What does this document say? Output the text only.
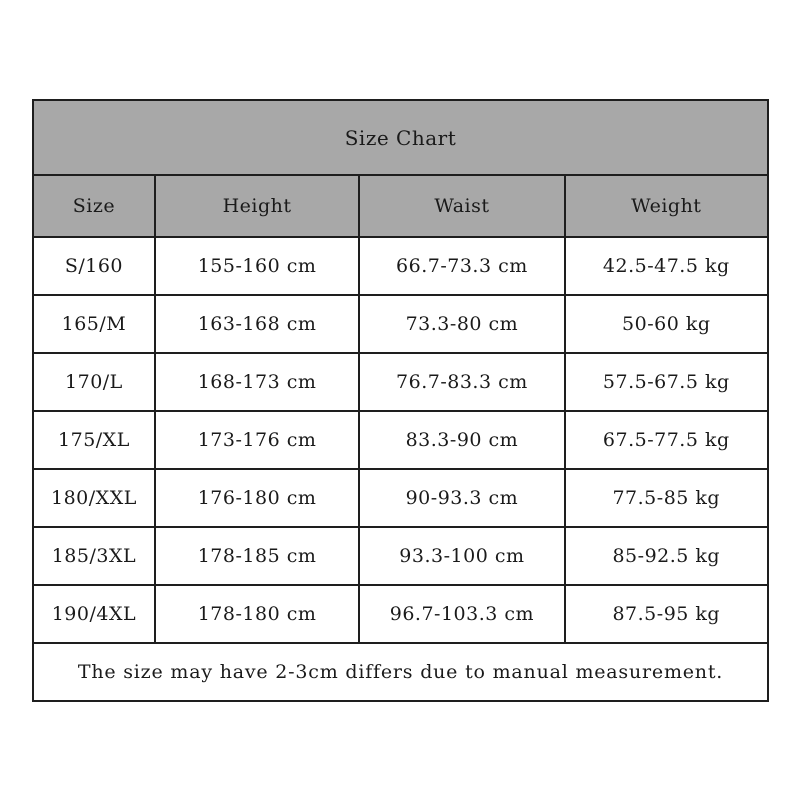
Size Chart			
Size	Height	Waist	Weight
S/160	155-160 cm	66.7-73.3 cm	42.5-47.5 kg
165/M	163-168 cm	73.3-80 cm	50-60 kg
170/L	168-173 cm	76.7-83.3 cm	57.5-67.5 kg
175/XL	173-176 cm	83.3-90 cm	67.5-77.5 kg
180/XXL	176-180 cm	90-93.3 cm	77.5-85 kg
185/3XL	178-185 cm	93.3-100 cm	85-92.5 kg
190/4XL	178-180 cm	96.7-103.3 cm	87.5-95 kg
The size may have 2-3cm differs due to manual measurement.			
